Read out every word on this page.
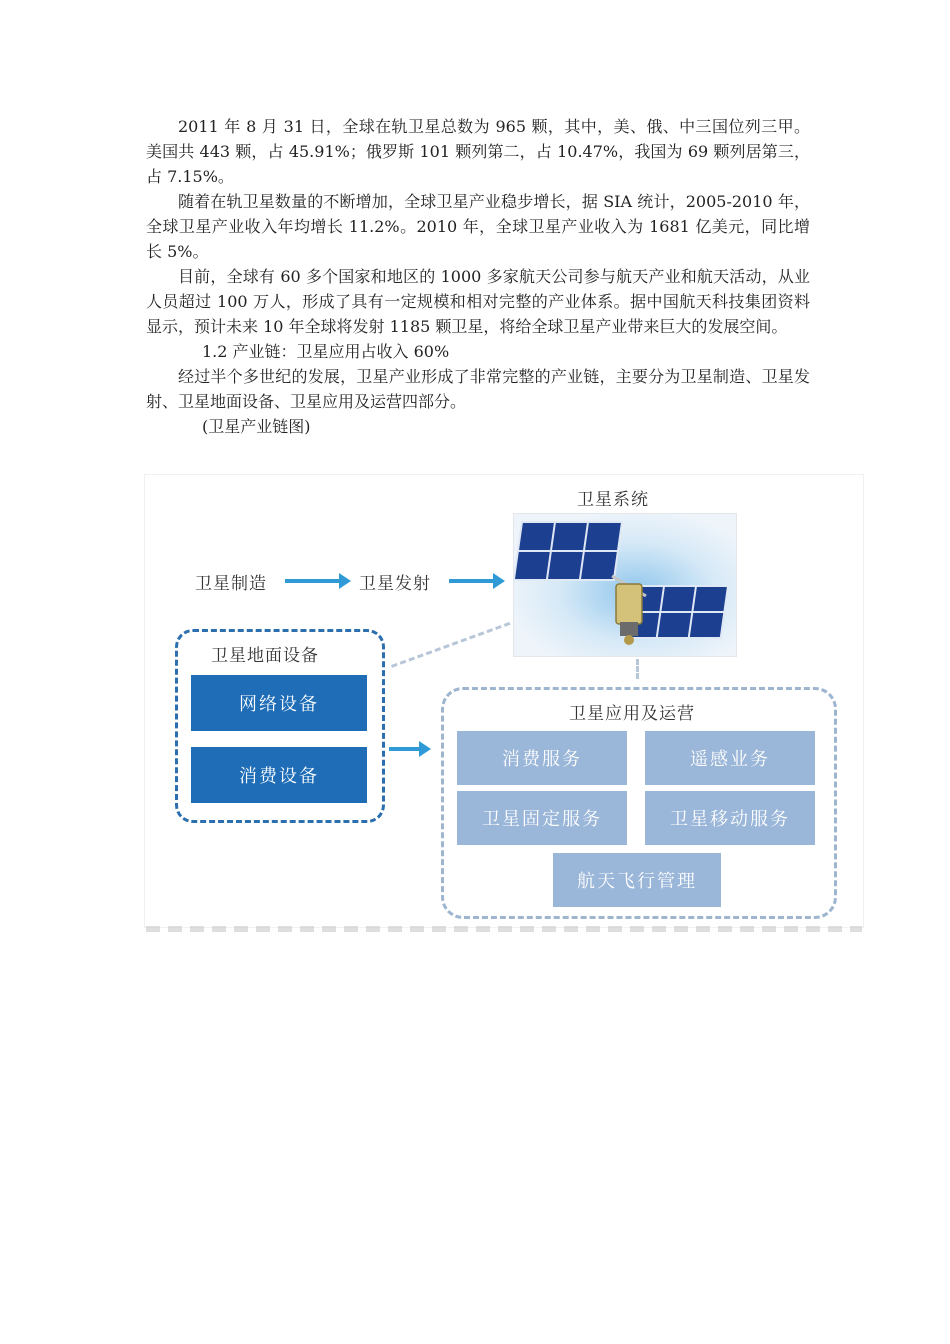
2011 年 8 月 31 日，全球在轨卫星总数为 965 颗，其中，美、俄、中三国位列三甲。美国共 443 颗，占 45.91%；俄罗斯 101 颗列第二，占 10.47%，我国为 69 颗列居第三，占 7.15%。

随着在轨卫星数量的不断增加，全球卫星产业稳步增长，据 SIA 统计，2005-2010 年，全球卫星产业收入年均增长 11.2%。2010 年，全球卫星产业收入为 1681 亿美元，同比增长 5%。

目前，全球有 60 多个国家和地区的 1000 多家航天公司参与航天产业和航天活动，从业人员超过 100 万人，形成了具有一定规模和相对完整的产业体系。据中国航天科技集团资料显示，预计未来 10 年全球将发射 1185 颗卫星，将给全球卫星产业带来巨大的发展空间。

1.2 产业链：卫星应用占收入 60%

经过半个多世纪的发展，卫星产业形成了非常完整的产业链，主要分为卫星制造、卫星发射、卫星地面设备、卫星应用及运营四部分。

(卫星产业链图)

卫星系统
卫星制造	卫星发射
卫星地面设备
网络设备
消费设备
卫星应用及运营
消费服务	遥感业务
卫星固定服务	卫星移动服务
航天飞行管理
